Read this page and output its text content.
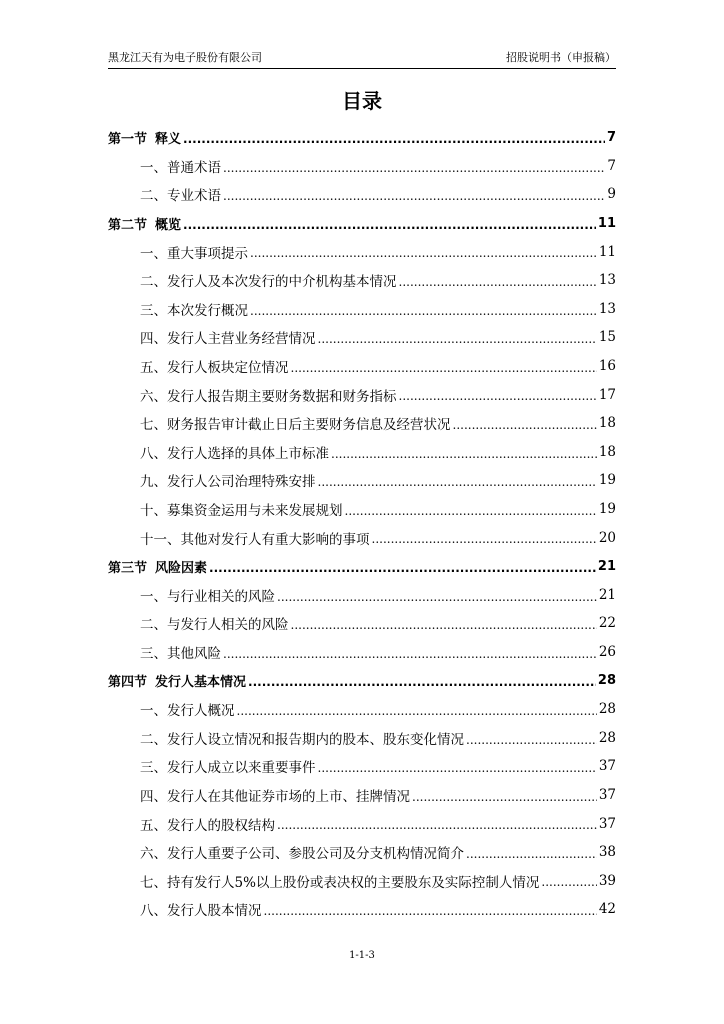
黑龙江天有为电子股份有限公司	招股说明书（申报稿）
目录
第一节 释义 .....	7
一、普通术语 .....	7
二、专业术语 .....	9
第二节 概览 .....	11
一、重大事项提示 .....	11
二、发行人及本次发行的中介机构基本情况 .....	13
三、本次发行概况 .....	13
四、发行人主营业务经营情况 .....	15
五、发行人板块定位情况 .....	16
六、发行人报告期主要财务数据和财务指标 .....	17
七、财务报告审计截止日后主要财务信息及经营状况 .....	18
八、发行人选择的具体上市标准 .....	18
九、发行人公司治理特殊安排 .....	19
十、募集资金运用与未来发展规划 .....	19
十一、其他对发行人有重大影响的事项 .....	20
第三节 风险因素 .....	21
一、与行业相关的风险 .....	21
二、与发行人相关的风险 .....	22
三、其他风险 .....	26
第四节 发行人基本情况 .....	28
一、发行人概况 .....	28
二、发行人设立情况和报告期内的股本、股东变化情况 .....	28
三、发行人成立以来重要事件 .....	37
四、发行人在其他证券市场的上市、挂牌情况 .....	37
五、发行人的股权结构 .....	37
六、发行人重要子公司、参股公司及分支机构情况简介 .....	38
七、持有发行人5%以上股份或表决权的主要股东及实际控制人情况 .....	39
八、发行人股本情况 .....	42
1-1-3
